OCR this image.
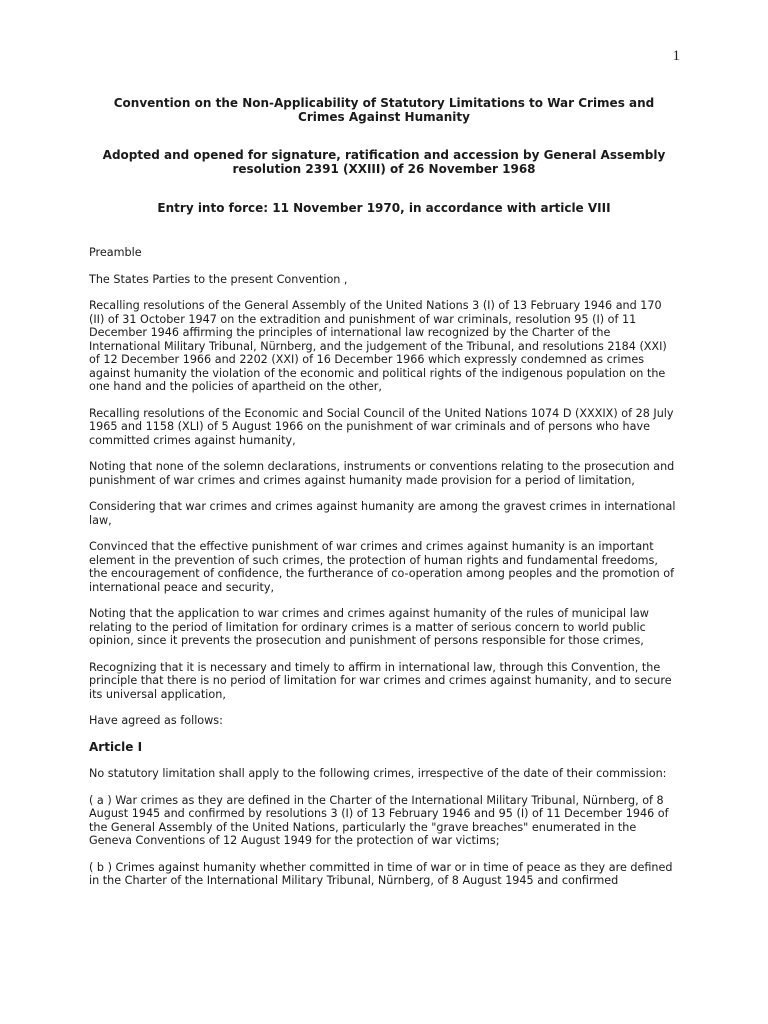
1
Convention on the Non-Applicability of Statutory Limitations to War Crimes and Crimes Against Humanity
Adopted and opened for signature, ratification and accession by General Assembly resolution 2391 (XXIII) of 26 November 1968
Entry into force: 11 November 1970, in accordance with article VIII

Preamble

The States Parties to the present Convention ,

Recalling resolutions of the General Assembly of the United Nations 3 (I) of 13 February 1946 and 170 (II) of 31 October 1947 on the extradition and punishment of war criminals, resolution 95 (I) of 11 December 1946 affirming the principles of international law recognized by the Charter of the International Military Tribunal, Nürnberg, and the judgement of the Tribunal, and resolutions 2184 (XXI) of 12 December 1966 and 2202 (XXI) of 16 December 1966 which expressly condemned as crimes against humanity the violation of the economic and political rights of the indigenous population on the one hand and the policies of apartheid on the other,

Recalling resolutions of the Economic and Social Council of the United Nations 1074 D (XXXIX) of 28 July 1965 and 1158 (XLI) of 5 August 1966 on the punishment of war criminals and of persons who have committed crimes against humanity,

Noting that none of the solemn declarations, instruments or conventions relating to the prosecution and punishment of war crimes and crimes against humanity made provision for a period of limitation,

Considering that war crimes and crimes against humanity are among the gravest crimes in international law,

Convinced that the effective punishment of war crimes and crimes against humanity is an important element in the prevention of such crimes, the protection of human rights and fundamental freedoms, the encouragement of confidence, the furtherance of co-operation among peoples and the promotion of international peace and security,

Noting that the application to war crimes and crimes against humanity of the rules of municipal law relating to the period of limitation for ordinary crimes is a matter of serious concern to world public opinion, since it prevents the prosecution and punishment of persons responsible for those crimes,

Recognizing that it is necessary and timely to affirm in international law, through this Convention, the principle that there is no period of limitation for war crimes and crimes against humanity, and to secure its universal application,

Have agreed as follows:

Article I

No statutory limitation shall apply to the following crimes, irrespective of the date of their commission:

( a ) War crimes as they are defined in the Charter of the International Military Tribunal, Nürnberg, of 8 August 1945 and confirmed by resolutions 3 (I) of 13 February 1946 and 95 (I) of 11 December 1946 of the General Assembly of the United Nations, particularly the "grave breaches" enumerated in the Geneva Conventions of 12 August 1949 for the protection of war victims;

( b ) Crimes against humanity whether committed in time of war or in time of peace as they are defined in the Charter of the International Military Tribunal, Nürnberg, of 8 August 1945 and confirmed
